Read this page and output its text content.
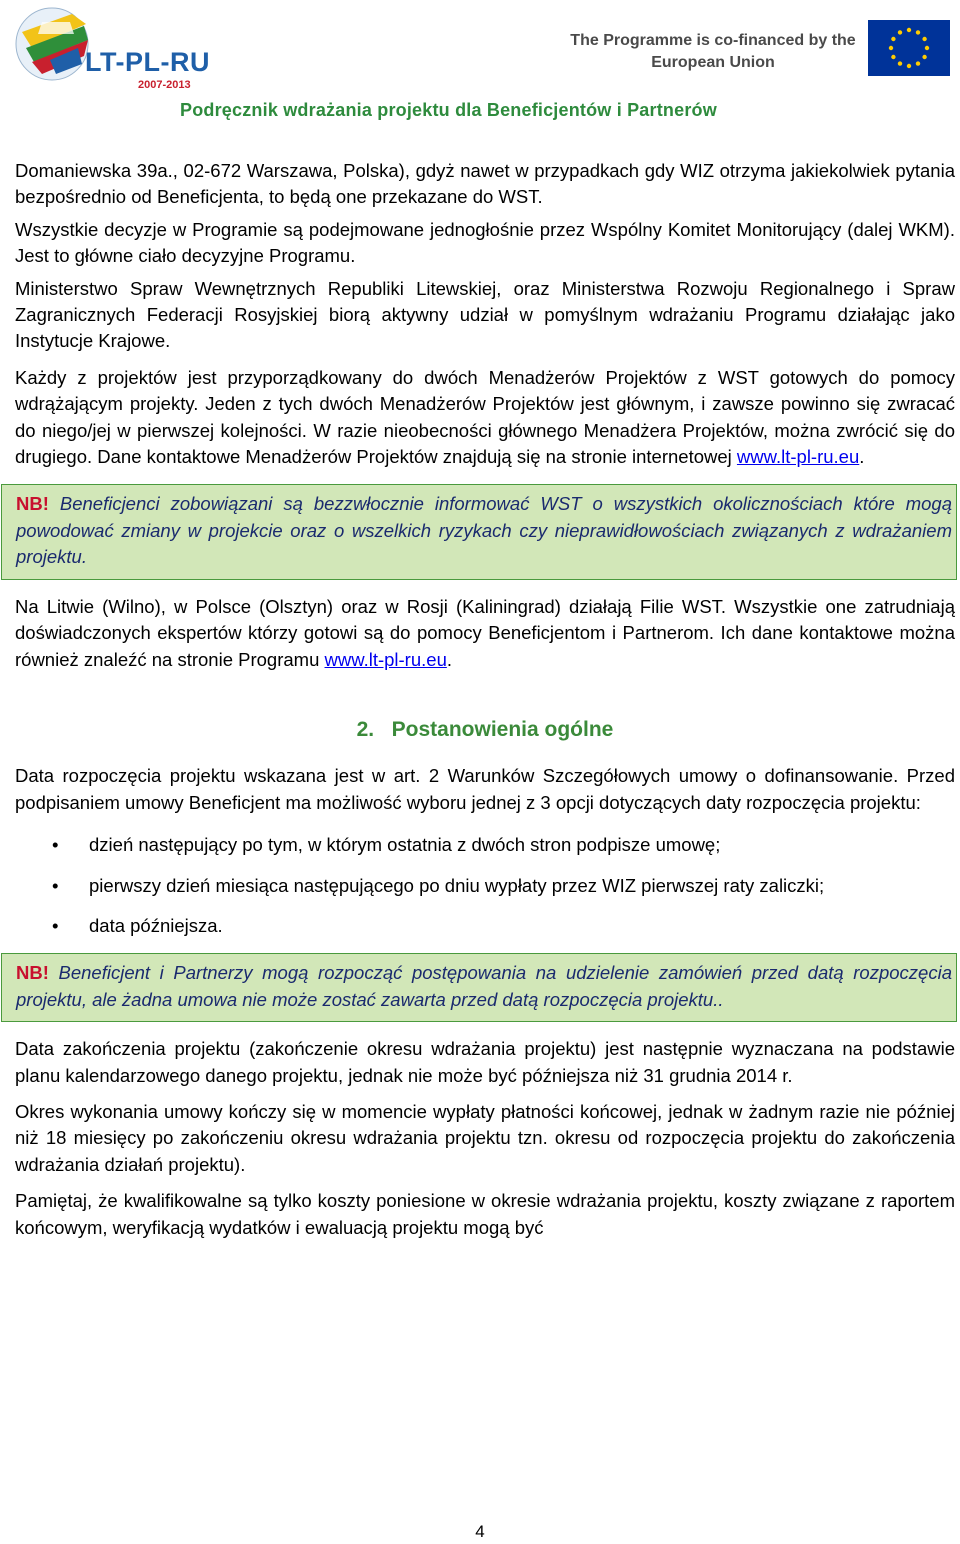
LT-PL-RU
2007-2013
The Programme is co-financed by the
European Union
Podręcznik wdrażania projektu dla Beneficjentów i Partnerów

Domaniewska 39a., 02-672 Warszawa, Polska), gdyż nawet w przypadkach gdy WIZ otrzyma jakiekolwiek pytania bezpośrednio od Beneficjenta, to będą one przekazane do WST.

Wszystkie decyzje w Programie są podejmowane jednogłośnie przez Wspólny Komitet Monitorujący (dalej WKM). Jest to główne ciało decyzyjne Programu.

Ministerstwo Spraw Wewnętrznych Republiki Litewskiej, oraz Ministerstwa Rozwoju Regionalnego i Spraw Zagranicznych Federacji Rosyjskiej biorą aktywny udział w pomyślnym wdrażaniu Programu działając jako Instytucje Krajowe.

Każdy z projektów jest przyporządkowany do dwóch Menadżerów Projektów z WST gotowych do pomocy wdrążającym projekty. Jeden z tych dwóch Menadżerów Projektów jest głównym, i zawsze powinno się zwracać do niego/jej w pierwszej kolejności. W razie nieobecności głównego Menadżera Projektów, można zwrócić się do drugiego. Dane kontaktowe Menadżerów Projektów znajdują się na stronie internetowej www.lt-pl-ru.eu.

NB! Beneficjenci zobowiązani są bezzwłocznie informować WST o wszystkich okolicznościach które mogą powodować zmiany w projekcie oraz o wszelkich ryzykach czy nieprawidłowościach związanych z wdrażaniem projektu.

Na Litwie (Wilno), w Polsce (Olsztyn) oraz w Rosji (Kaliningrad) działają Filie WST. Wszystkie one zatrudniają doświadczonych ekspertów którzy gotowi są do pomocy Beneficjentom i Partnerom. Ich dane kontaktowe można również znaleźć na stronie Programu www.lt-pl-ru.eu.

2. Postanowienia ogólne

Data rozpoczęcia projektu wskazana jest w art. 2 Warunków Szczegółowych umowy o dofinansowanie. Przed podpisaniem umowy Beneficjent ma możliwość wyboru jednej z 3 opcji dotyczących daty rozpoczęcia projektu:

• dzień następujący po tym, w którym ostatnia z dwóch stron podpisze umowę;
• pierwszy dzień miesiąca następującego po dniu wypłaty przez WIZ pierwszej raty zaliczki;
• data późniejsza.
NB! Beneficjent i Partnerzy mogą rozpocząć postępowania na udzielenie zamówień przed datą rozpoczęcia projektu, ale żadna umowa nie może zostać zawarta przed datą rozpoczęcia projektu..

Data zakończenia projektu (zakończenie okresu wdrażania projektu) jest następnie wyznaczana na podstawie planu kalendarzowego danego projektu, jednak nie może być późniejsza niż 31 grudnia 2014 r.

Okres wykonania umowy kończy się w momencie wypłaty płatności końcowej, jednak w żadnym razie nie później niż 18 miesięcy po zakończeniu okresu wdrażania projektu tzn. okresu od rozpoczęcia projektu do zakończenia wdrażania działań projektu).

Pamiętaj, że kwalifikowalne są tylko koszty poniesione w okresie wdrażania projektu, koszty związane z raportem końcowym, weryfikacją wydatków i ewaluacją projektu mogą być

4
